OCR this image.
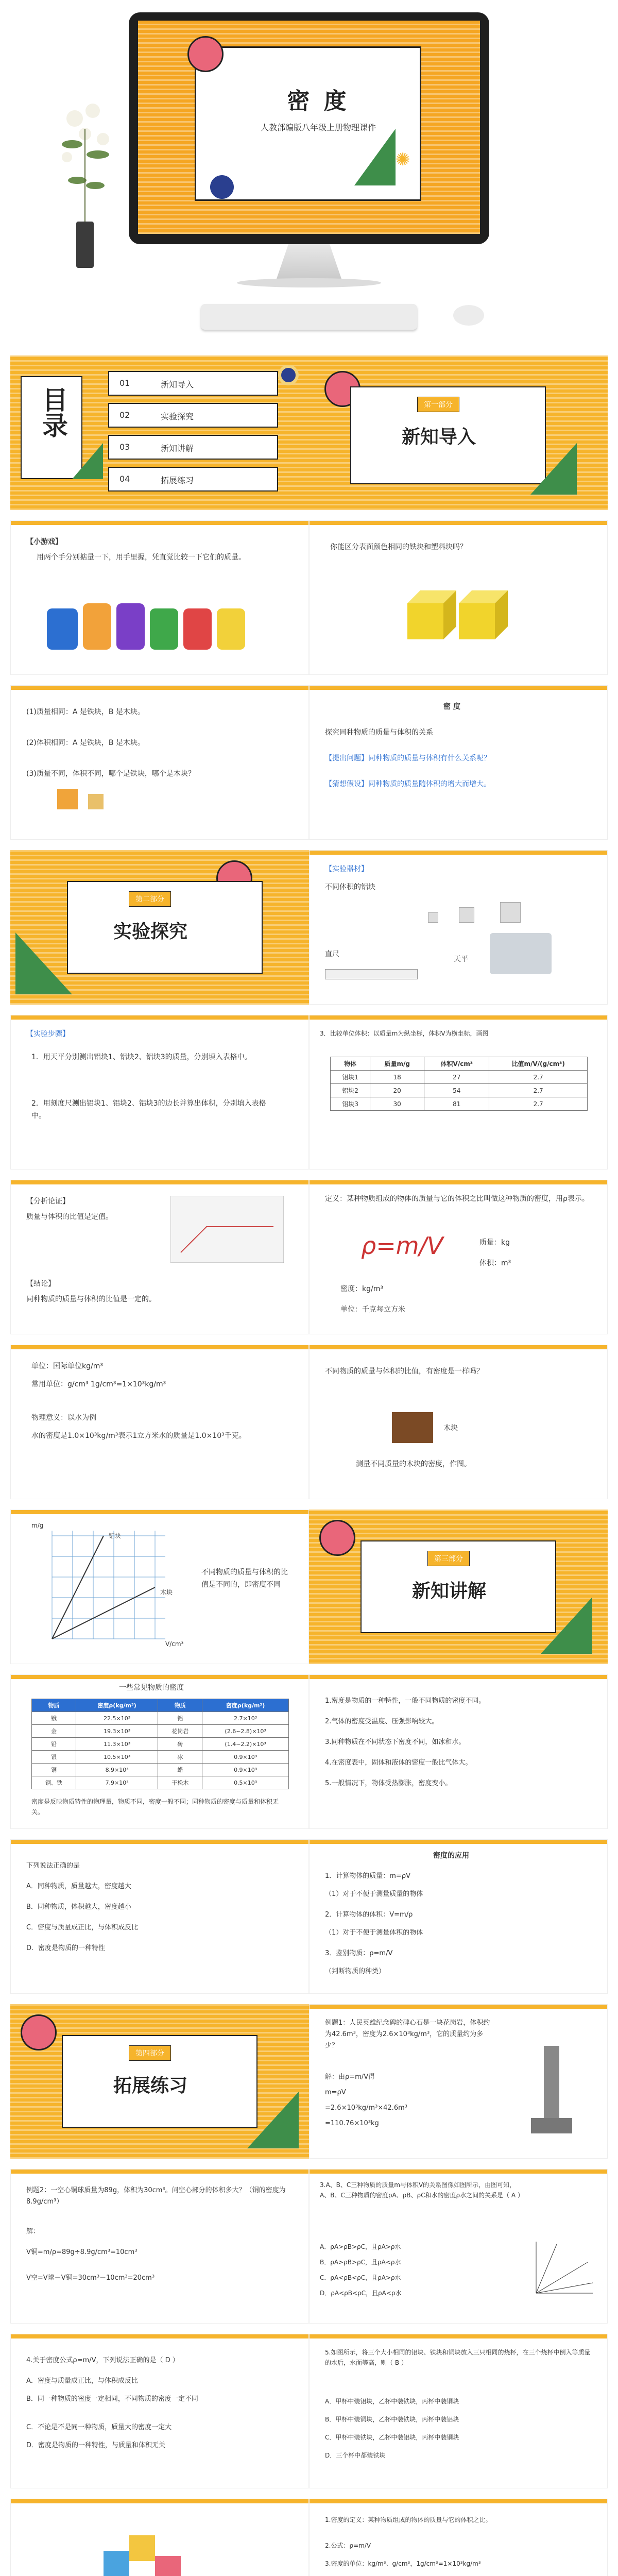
密 度
人教部编版八年级上册物理课件
✺
目录
01	新知导入
02	实验探究
03	新知讲解
04	拓展练习
第一部分
新知导入
【小游戏】
用两个手分别掂量一下，用手里握，凭直觉比较一下它们的质量。
你能区分表面颜色相同的铁块和塑料块吗？
(1)质量相同：A 是铁块，B 是木块。
(2)体积相同：A 是铁块，B 是木块。
(3)质量不同，体积不同，哪个是铁块，哪个是木块？
密 度
探究同种物质的质量与体积的关系
【提出问题】同种物质的质量与体积有什么关系呢？
【猜想假设】同种物质的质量随体积的增大而增大。
第二部分
实验探究
【实验器材】
不同体积的铝块
直尺
天平
【实验步骤】
1．用天平分别测出铝块1、铝块2、铝块3的质量，分别填入表格中。
2．用刻度尺测出铝块1、铝块2、铝块3的边长并算出体积，分别填入表格中。
3．比较单位体积：以质量m为纵坐标，体积V为横坐标，画图
物体	质量m/g	体积V/cm³	比值m/V/(g/cm³)
铝块1	18	27	2.7
铝块2	20	54	2.7
铝块3	30	81	2.7
【分析论证】
质量与体积的比值是定值。
【结论】
同种物质的质量与体积的比值是一定的。
定义：某种物质组成的物体的质量与它的体积之比叫做这种物质的密度，用ρ表示。
质量：kg
体积：m³
密度：kg/m³
单位：千克每立方米
ρ=m/V
单位：国际单位kg/m³
常用单位：g/cm³ 1g/cm³=1×10³kg/m³
物理意义：以水为例
水的密度是1.0×10³kg/m³表示1立方米水的质量是1.0×10³千克。
不同物质的质量与体积的比值，有密度是一样吗？
木块
测量不同质量的木块的密度，作图。
m/g
V/cm³
铝块
木块
不同物质的质量与体积的比值是不同的，即密度不同
第三部分
新知讲解
一些常见物质的密度
物质	密度ρ(kg/m³)	物质	密度ρ(kg/m³)
锇	22.5×10³	铝	2.7×10³
金	19.3×10³	花岗岩	(2.6~2.8)×10³
铅	11.3×10³	砖	(1.4~2.2)×10³
银	10.5×10³	冰	0.9×10³
铜	8.9×10³	蜡	0.9×10³
钢、铁	7.9×10³	干松木	0.5×10³
密度是反映物质特性的物理量，物质不同，密度一般不同；同种物质的密度与质量和体积无关。
1.密度是物质的一种特性，一般不同物质的密度不同。
2.气体的密度受温度、压强影响较大。
3.同种物质在不同状态下密度不同，如冰和水。
4.在密度表中，固体和液体的密度一般比气体大。
5.一般情况下，物体受热膨胀，密度变小。
下列说法正确的是
A．同种物质，质量越大，密度越大
B．同种物质，体积越大，密度越小
C．密度与质量成正比，与体积成反比
D．密度是物质的一种特性
密度的应用
1．计算物体的质量：m=ρV
（1）对于不便于测量质量的物体
2．计算物体的体积：V=m/ρ
（1）对于不便于测量体积的物体
3．鉴别物质：ρ=m/V
（判断物质的种类）
第四部分
拓展练习
例题1：人民英雄纪念碑的碑心石是一块花岗岩，体积约为42.6m³，密度为2.6×10³kg/m³，它的质量约为多少？
解：由ρ=m/V得
m=ρV
=2.6×10³kg/m³×42.6m³
=110.76×10³kg
例题2：一空心铜球质量为89g，体积为30cm³。问空心部分的体积多大？（铜的密度为8.9g/cm³）
解：
V铜=m/ρ=89g÷8.9g/cm³=10cm³
V空=V球－V铜=30cm³－10cm³=20cm³
3.A、B、C三种物质的质量m与体积V的关系图像如图所示，由图可知，A、B、C三种物质的密度ρA、ρB、ρC和水的密度ρ水之间的关系是（ A ）
A．ρA>ρB>ρC，且ρA>ρ水
B．ρA>ρB>ρC，且ρA<ρ水
C．ρA<ρB<ρC，且ρA>ρ水
D．ρA<ρB<ρC，且ρA<ρ水
4.关于密度公式ρ=m/V，下列说法正确的是（ D ）
A．密度与质量成正比，与体积成反比
B．同一种物质的密度一定相同，不同物质的密度一定不同
C．不论是不是同一种物质，质量大的密度一定大
D．密度是物质的一种特性，与质量和体积无关
5.如图所示，将三个大小相同的铝块、铁块和铜块放入三只相同的烧杯，在三个烧杯中倒入等质量的水后，水面等高，则（ B ）
A．甲杯中装铝块，乙杯中装铁块，丙杯中装铜块
B．甲杯中装铜块，乙杯中装铁块，丙杯中装铝块
C．甲杯中装铁块，乙杯中装铝块，丙杯中装铜块
D．三个杯中都装铁块
1.密度的定义：某种物质组成的物体的质量与它的体积之比。
2.公式：ρ=m/V
3.密度的单位：kg/m³、g/cm³，1g/cm³=1×10³kg/m³
